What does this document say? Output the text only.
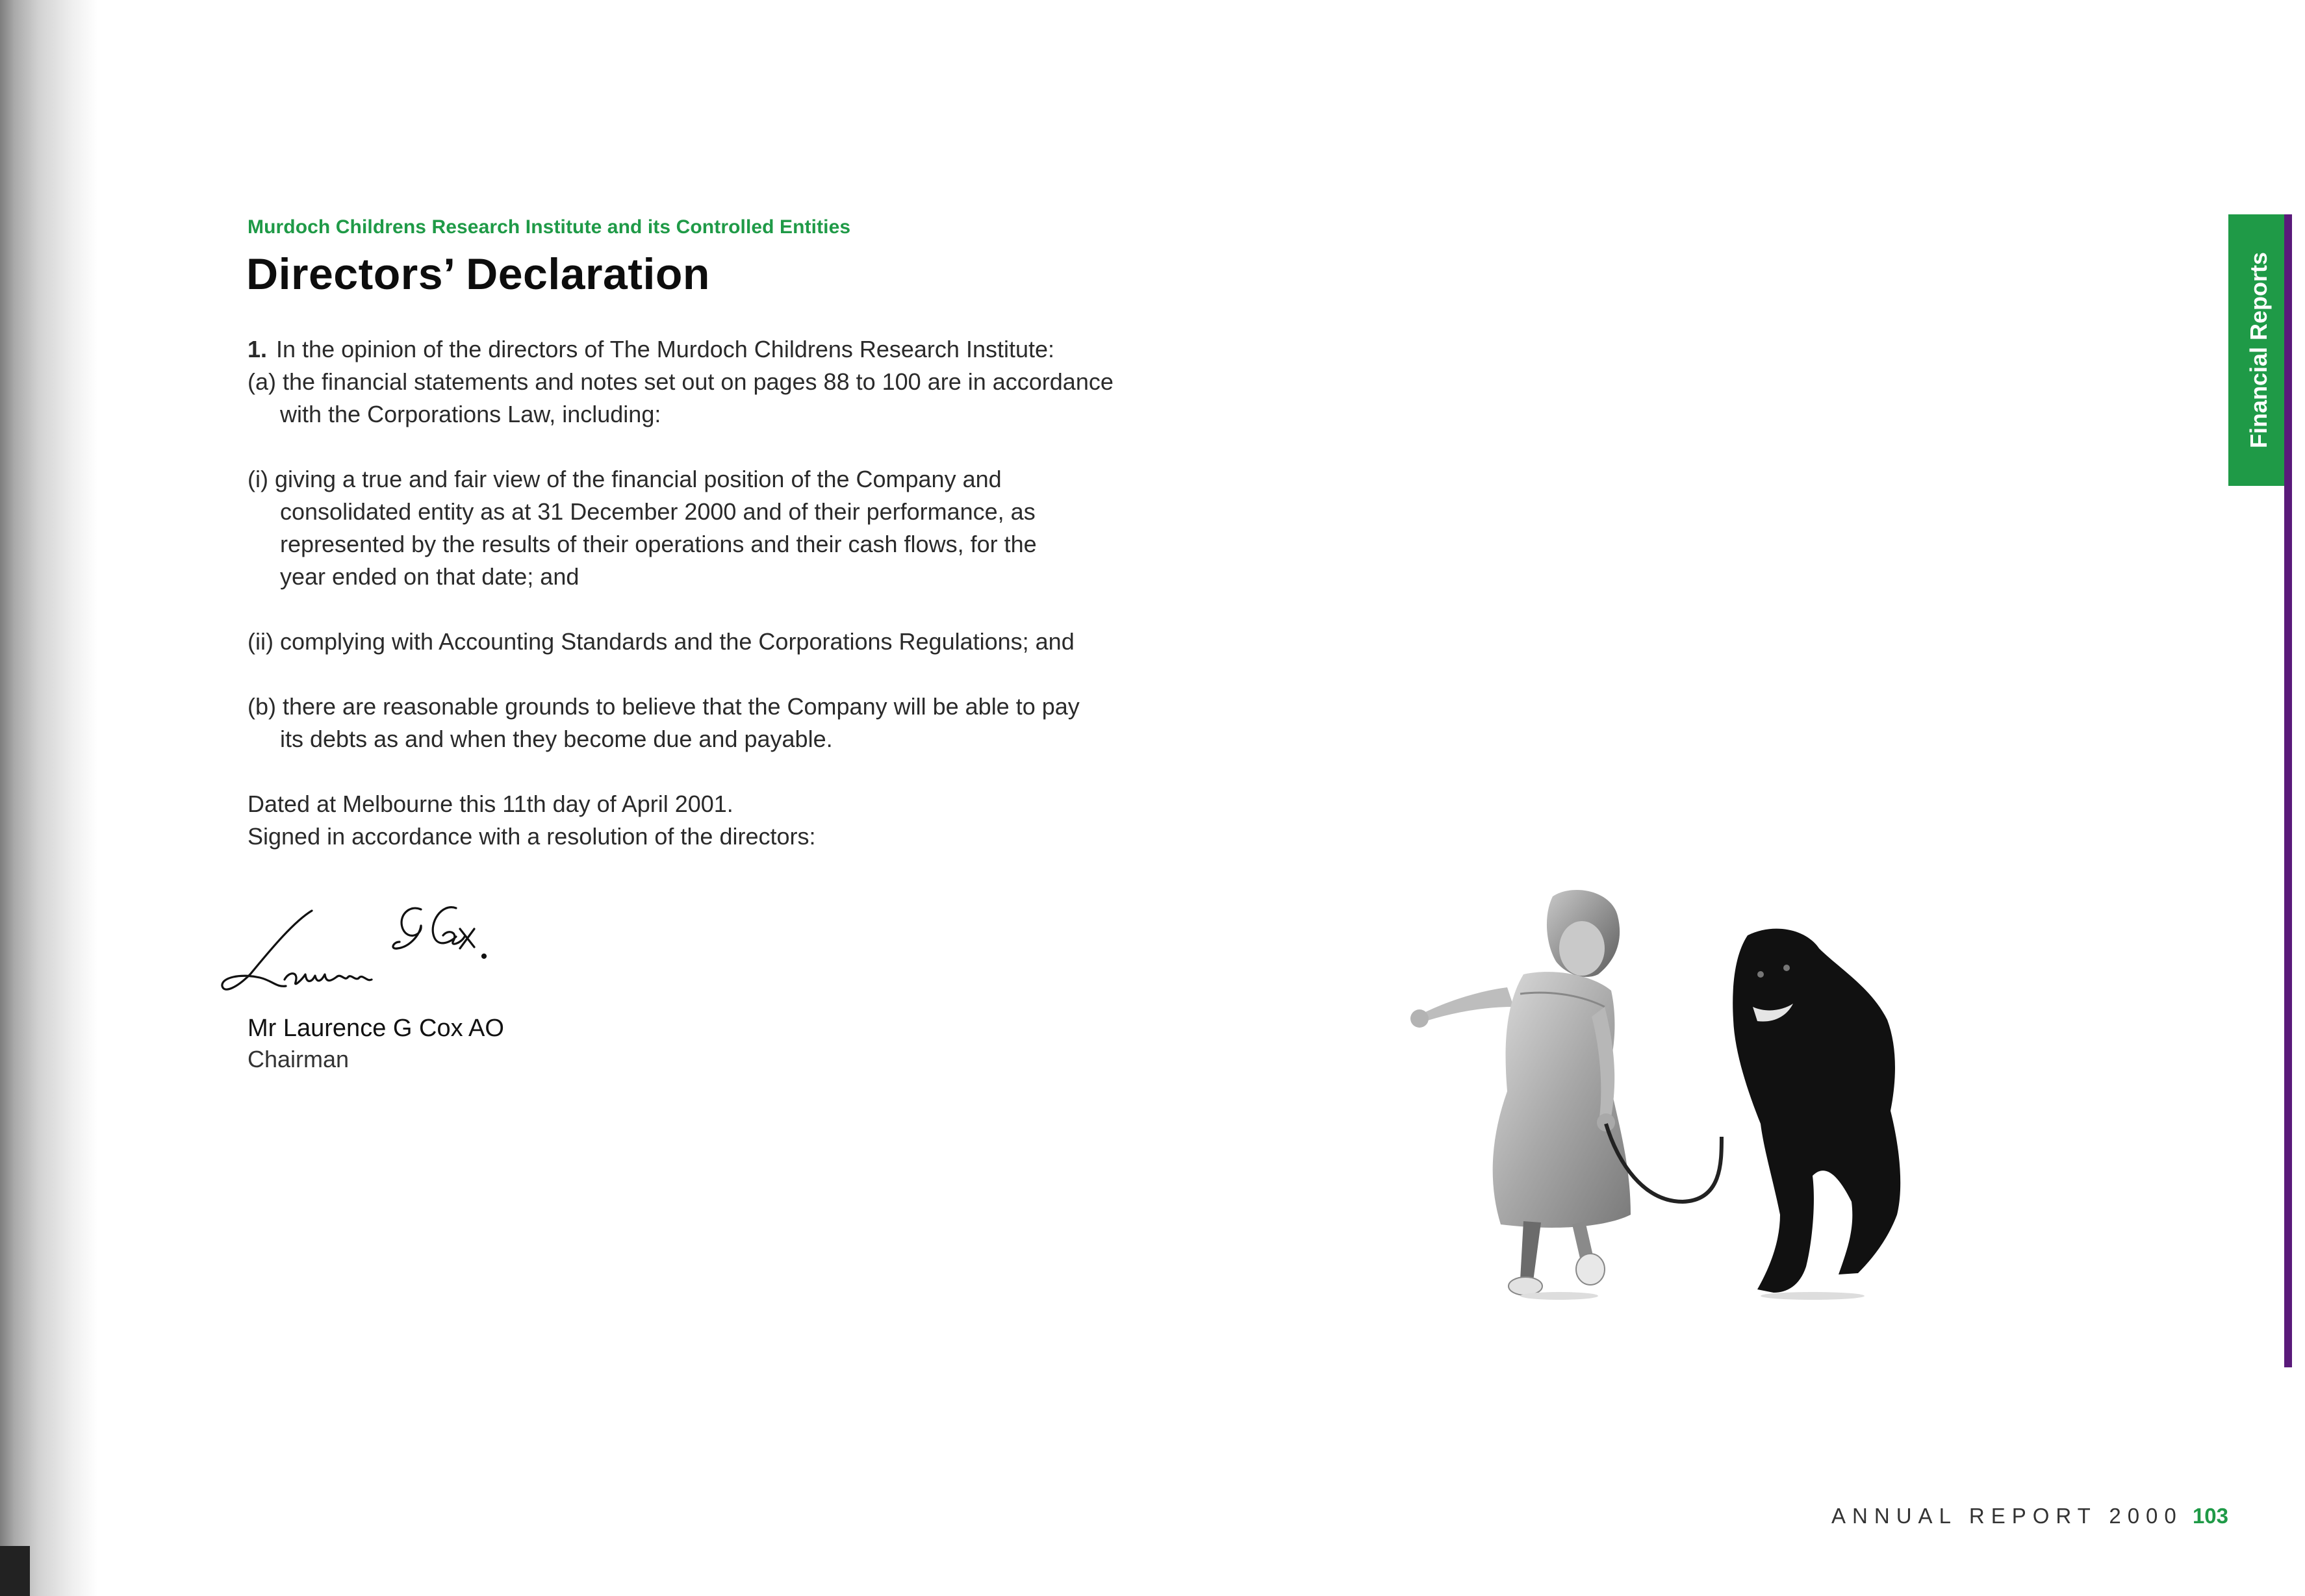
Murdoch Childrens Research Institute and its Controlled Entities
Directors’ Declaration
1. In the opinion of the directors of The Murdoch Childrens Research Institute:
(a) the financial statements and notes set out on pages 88 to 100 are in accordance
with the Corporations Law, including:
(i) giving a true and fair view of the financial position of the Company and
consolidated entity as at 31 December 2000 and of their performance, as
represented by the results of their operations and their cash flows, for the
year ended on that date; and
(ii) complying with Accounting Standards and the Corporations Regulations; and
(b) there are reasonable grounds to believe that the Company will be able to pay
its debts as and when they become due and payable.
Dated at Melbourne this 11th day of April 2001.
Signed in accordance with a resolution of the directors:
Mr Laurence G Cox AO
Chairman
Financial Reports
ANNUAL REPORT 2000 103
